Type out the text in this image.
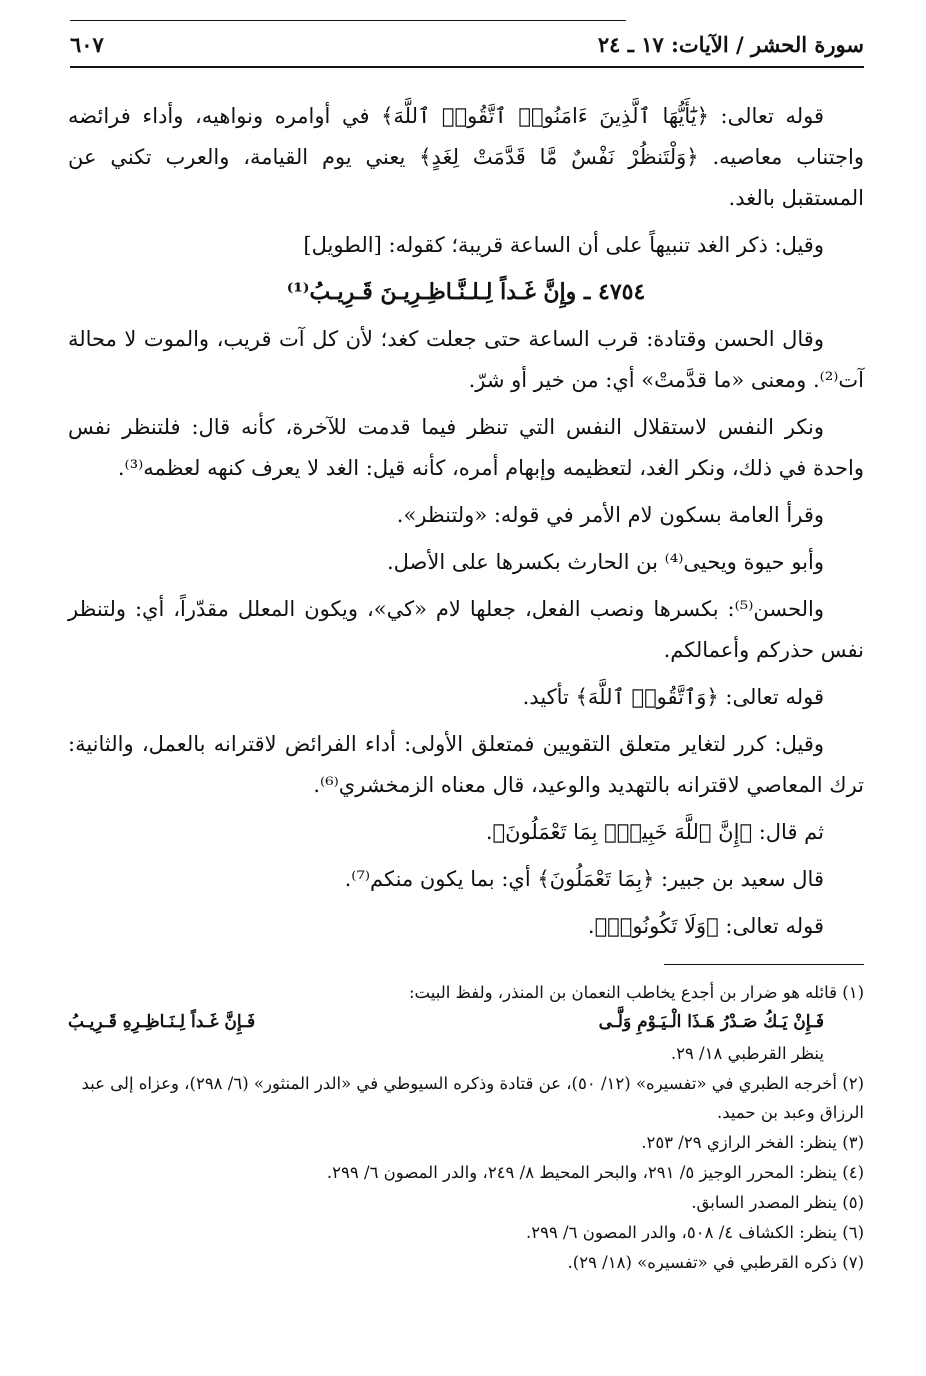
سورة الحشر / الآيات: ١٧ ـ ٢٤
٦٠٧

قوله تعالى: ﴿يَٰٓأَيُّهَا ٱلَّذِينَ ءَامَنُوا۟ ٱتَّقُوا۟ ٱللَّهَ﴾ في أوامره ونواهيه، وأداء فرائضه واجتناب معاصيه. ﴿وَلْتَنظُرْ نَفْسٌ مَّا قَدَّمَتْ لِغَدٍ﴾ يعني يوم القيامة، والعرب تكني عن المستقبل بالغد.

وقيل: ذكر الغد تنبيهاً على أن الساعة قريبة؛ كقوله: [الطويل]

٤٧٥٤ ـ وإِنَّ غَـداً لِـلـنَّـاظِـرِيـنَ قَـرِيـبُ⁽¹⁾

وقال الحسن وقتادة: قرب الساعة حتى جعلت كغد؛ لأن كل آت قريب، والموت لا محالة آت⁽²⁾. ومعنى «ما قدَّمتْ» أي: من خير أو شرّ.

ونكر النفس لاستقلال النفس التي تنظر فيما قدمت للآخرة، كأنه قال: فلتنظر نفس واحدة في ذلك، ونكر الغد، لتعظيمه وإبهام أمره، كأنه قيل: الغد لا يعرف كنهه لعظمه⁽³⁾.

وقرأ العامة بسكون لام الأمر في قوله: «ولتنظر».

وأبو حيوة ويحيى⁽⁴⁾ بن الحارث بكسرها على الأصل.

والحسن⁽⁵⁾: بكسرها ونصب الفعل، جعلها لام «كي»، ويكون المعلل مقدّراً، أي: ولتنظر نفس حذركم وأعمالكم.

قوله تعالى: ﴿وَٱتَّقُوا۟ ٱللَّهَ﴾ تأكيد.

وقيل: كرر لتغاير متعلق التقويين فمتعلق الأولى: أداء الفرائض لاقترانه بالعمل، والثانية: ترك المعاصي لاقترانه بالتهديد والوعيد، قال معناه الزمخشري⁽⁶⁾.

ثم قال: ﴿إِنَّ ٱللَّهَ خَبِيرٌۢ بِمَا تَعْمَلُونَ﴾.

قال سعيد بن جبير: ﴿بِمَا تَعْمَلُونَ﴾ أي: بما يكون منكم⁽⁷⁾.

قوله تعالى: ﴿وَلَا تَكُونُوا۟﴾.

(١) قائله هو ضرار بن أجدع يخاطب النعمان بن المنذر، ولفظ البيت:

فَـإِنْ يَـكُ صَـدْرُ هَـذَا الْـيَـوْمِ وَلَّـى
فَـإِنَّ غَـداً لِـنَـاظِـرِهِ قَـرِيـبُ

ينظر القرطبي ١٨/ ٢٩.

(٢) أخرجه الطبري في «تفسيره» (١٢/ ٥٠)، عن قتادة وذكره السيوطي في «الدر المنثور» (٦/ ٢٩٨)، وعزاه إلى عبد الرزاق وعبد بن حميد.

(٣) ينظر: الفخر الرازي ٢٩/ ٢٥٣.

(٤) ينظر: المحرر الوجيز ٥/ ٢٩١، والبحر المحيط ٨/ ٢٤٩، والدر المصون ٦/ ٢٩٩.

(٥) ينظر المصدر السابق.

(٦) ينظر: الكشاف ٤/ ٥٠٨، والدر المصون ٦/ ٢٩٩.

(٧) ذكره القرطبي في «تفسيره» (١٨/ ٢٩).
